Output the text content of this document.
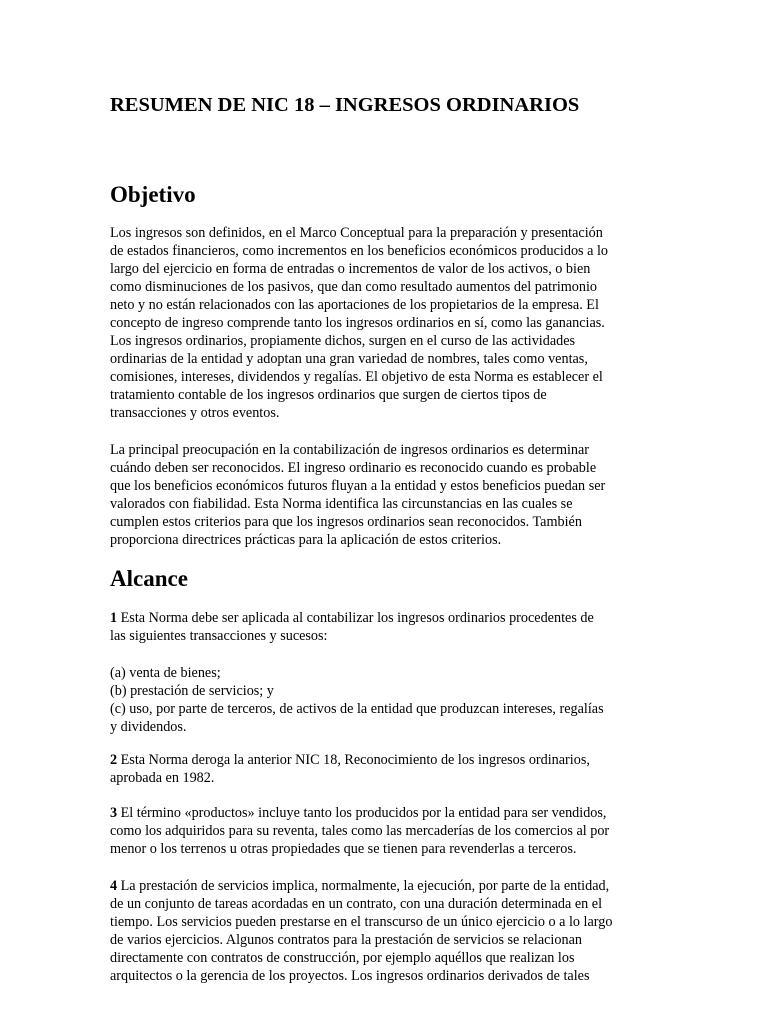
RESUMEN DE NIC 18 – INGRESOS ORDINARIOS
Objetivo

Los ingresos son definidos, en el Marco Conceptual para la preparación y presentación
de estados financieros, como incrementos en los beneficios económicos producidos a lo
largo del ejercicio en forma de entradas o incrementos de valor de los activos, o bien
como disminuciones de los pasivos, que dan como resultado aumentos del patrimonio
neto y no están relacionados con las aportaciones de los propietarios de la empresa. El
concepto de ingreso comprende tanto los ingresos ordinarios en sí, como las ganancias.
Los ingresos ordinarios, propiamente dichos, surgen en el curso de las actividades
ordinarias de la entidad y adoptan una gran variedad de nombres, tales como ventas,
comisiones, intereses, dividendos y regalías. El objetivo de esta Norma es establecer el
tratamiento contable de los ingresos ordinarios que surgen de ciertos tipos de
transacciones y otros eventos.

La principal preocupación en la contabilización de ingresos ordinarios es determinar
cuándo deben ser reconocidos. El ingreso ordinario es reconocido cuando es probable
que los beneficios económicos futuros fluyan a la entidad y estos beneficios puedan ser
valorados con fiabilidad. Esta Norma identifica las circunstancias en las cuales se
cumplen estos criterios para que los ingresos ordinarios sean reconocidos. También
proporciona directrices prácticas para la aplicación de estos criterios.

Alcance

1 Esta Norma debe ser aplicada al contabilizar los ingresos ordinarios procedentes de
las siguientes transacciones y sucesos:

(a) venta de bienes;
(b) prestación de servicios; y
(c) uso, por parte de terceros, de activos de la entidad que produzcan intereses, regalías
y dividendos.

2 Esta Norma deroga la anterior NIC 18, Reconocimiento de los ingresos ordinarios,
aprobada en 1982.

3 El término «productos» incluye tanto los producidos por la entidad para ser vendidos,
como los adquiridos para su reventa, tales como las mercaderías de los comercios al por
menor o los terrenos u otras propiedades que se tienen para revenderlas a terceros.

4 La prestación de servicios implica, normalmente, la ejecución, por parte de la entidad,
de un conjunto de tareas acordadas en un contrato, con una duración determinada en el
tiempo. Los servicios pueden prestarse en el transcurso de un único ejercicio o a lo largo
de varios ejercicios. Algunos contratos para la prestación de servicios se relacionan
directamente con contratos de construcción, por ejemplo aquéllos que realizan los
arquitectos o la gerencia de los proyectos. Los ingresos ordinarios derivados de tales
